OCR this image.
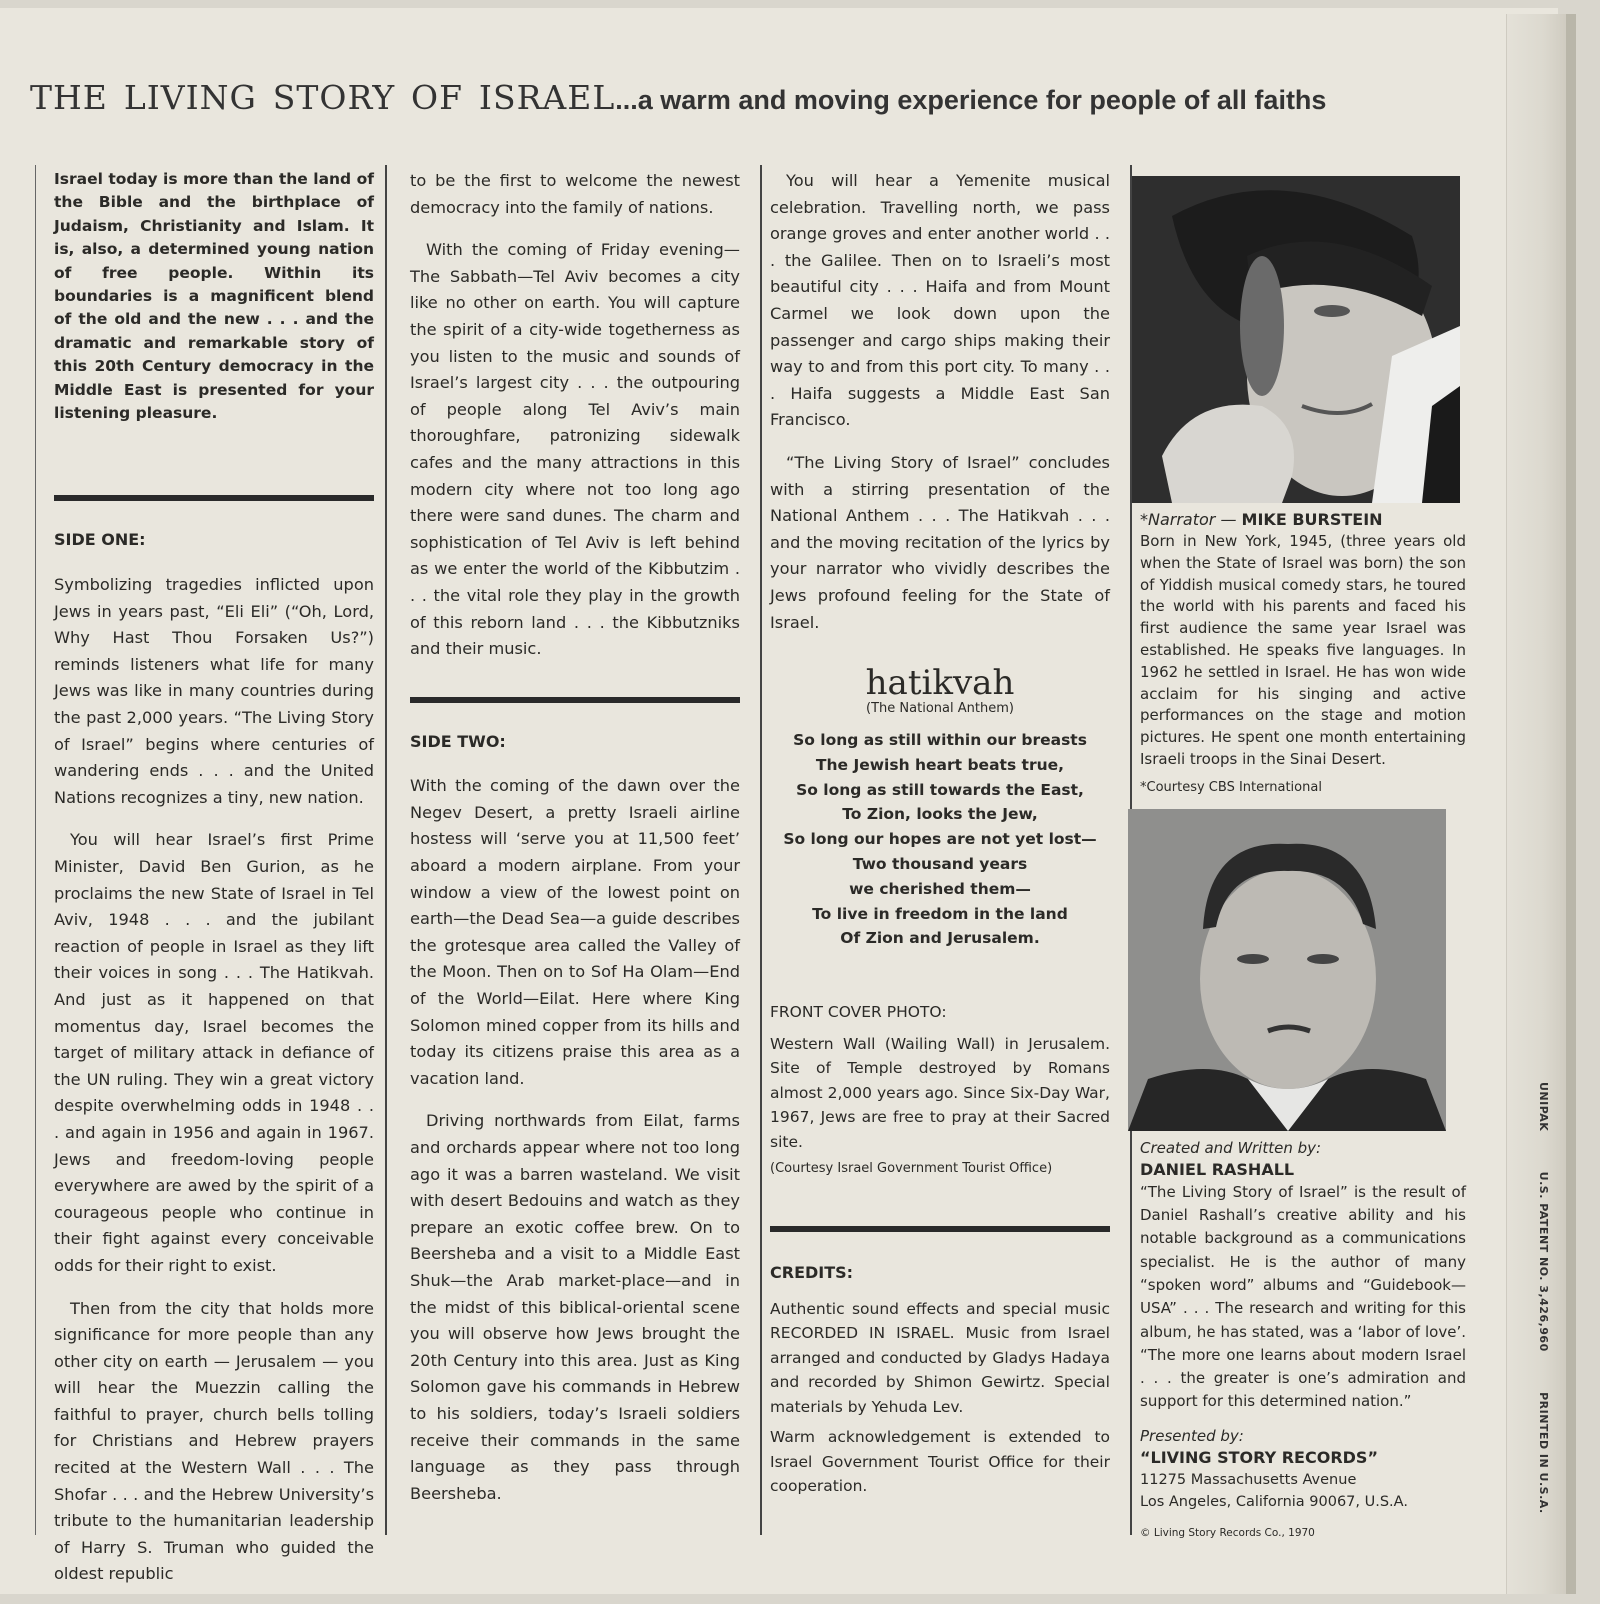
the living story of israel...a warm and moving experience for people of all faiths

Israel today is more than the land of the Bible and the birthplace of Judaism, Christianity and Islam. It is, also, a determined young nation of free people. Within its boundaries is a magnificent blend of the old and the new . . . and the dramatic and remarkable story of this 20th Century democracy in the Middle East is presented for your listening pleasure.

SIDE ONE:

Symbolizing tragedies inflicted upon Jews in years past, “Eli Eli” (“Oh, Lord, Why Hast Thou Forsaken Us?”) reminds listeners what life for many Jews was like in many countries during the past 2,000 years. “The Living Story of Israel” begins where centuries of wandering ends . . . and the United Nations recognizes a tiny, new nation.

You will hear Israel’s first Prime Minister, David Ben Gurion, as he proclaims the new State of Israel in Tel Aviv, 1948 . . . and the jubilant reaction of people in Israel as they lift their voices in song . . . The Hatikvah. And just as it happened on that momentus day, Israel becomes the target of military attack in defiance of the UN ruling. They win a great victory despite overwhelming odds in 1948 . . . and again in 1956 and again in 1967. Jews and freedom-loving people everywhere are awed by the spirit of a courageous people who continue in their fight against every conceivable odds for their right to exist.

Then from the city that holds more significance for more people than any other city on earth — Jerusalem — you will hear the Muezzin calling the faithful to prayer, church bells tolling for Christians and Hebrew prayers recited at the Western Wall . . . The Shofar . . . and the Hebrew University’s tribute to the humanitarian leadership of Harry S. Truman who guided the oldest republic

to be the first to welcome the newest democracy into the family of nations.

With the coming of Friday evening—The Sabbath—Tel Aviv becomes a city like no other on earth. You will capture the spirit of a city-wide togetherness as you listen to the music and sounds of Israel’s largest city . . . the outpouring of people along Tel Aviv’s main thoroughfare, patronizing sidewalk cafes and the many attractions in this modern city where not too long ago there were sand dunes. The charm and sophistication of Tel Aviv is left behind as we enter the world of the Kibbutzim . . . the vital role they play in the growth of this reborn land . . . the Kibbutzniks and their music.

SIDE TWO:

With the coming of the dawn over the Negev Desert, a pretty Israeli airline hostess will ‘serve you at 11,500 feet’ aboard a modern airplane. From your window a view of the lowest point on earth—the Dead Sea—a guide describes the grotesque area called the Valley of the Moon. Then on to Sof Ha Olam—End of the World—Eilat. Here where King Solomon mined copper from its hills and today its citizens praise this area as a vacation land.

Driving northwards from Eilat, farms and orchards appear where not too long ago it was a barren wasteland. We visit with desert Bedouins and watch as they prepare an exotic coffee brew. On to Beersheba and a visit to a Middle East Shuk—the Arab market-place—and in the midst of this biblical-oriental scene you will observe how Jews brought the 20th Century into this area. Just as King Solomon gave his commands in Hebrew to his soldiers, today’s Israeli soldiers receive their commands in the same language as they pass through Beersheba.

You will hear a Yemenite musical celebration. Travelling north, we pass orange groves and enter another world . . . the Galilee. Then on to Israeli’s most beautiful city . . . Haifa and from Mount Carmel we look down upon the passenger and cargo ships making their way to and from this port city. To many . . . Haifa suggests a Middle East San Francisco.

“The Living Story of Israel” concludes with a stirring presentation of the National Anthem . . . The Hatikvah . . . and the moving recitation of the lyrics by your narrator who vividly describes the Jews profound feeling for the State of Israel.

hatikvah
(The National Anthem)
So long as still within our breasts
The Jewish heart beats true,
So long as still towards the East,
To Zion, looks the Jew,
So long our hopes are not yet lost—
Two thousand years
we cherished them—
To live in freedom in the land
Of Zion and Jerusalem.
FRONT COVER PHOTO:

Western Wall (Wailing Wall) in Jerusalem. Site of Temple destroyed by Romans almost 2,000 years ago. Since Six-Day War, 1967, Jews are free to pray at their Sacred site.

(Courtesy Israel Government Tourist Office)
CREDITS:

Authentic sound effects and special music RECORDED IN ISRAEL. Music from Israel arranged and conducted by Gladys Hadaya and recorded by Shimon Gewirtz. Special materials by Yehuda Lev.

Warm acknowledgement is extended to Israel Government Tourist Office for their cooperation.

*Narrator — MIKE BURSTEIN

Born in New York, 1945, (three years old when the State of Israel was born) the son of Yiddish musical comedy stars, he toured the world with his parents and faced his first audience the same year Israel was established. He speaks five languages. In 1962 he settled in Israel. He has won wide acclaim for his singing and active performances on the stage and motion pictures. He spent one month entertaining Israeli troops in the Sinai Desert.

*Courtesy CBS International
Created and Written by:
DANIEL RASHALL

“The Living Story of Israel” is the result of Daniel Rashall’s creative ability and his notable background as a communications specialist. He is the author of many “spoken word” albums and “Guidebook—USA” . . . The research and writing for this album, he has stated, was a ‘labor of love’. “The more one learns about modern Israel . . . the greater is one’s admiration and support for this determined nation.”

Presented by:
“LIVING STORY RECORDS”
11275 Massachusetts Avenue
Los Angeles, California 90067, U.S.A.
© Living Story Records Co., 1970
UNIPAK U.S. PATENT NO. 3,426,960 PRINTED IN U.S.A.
